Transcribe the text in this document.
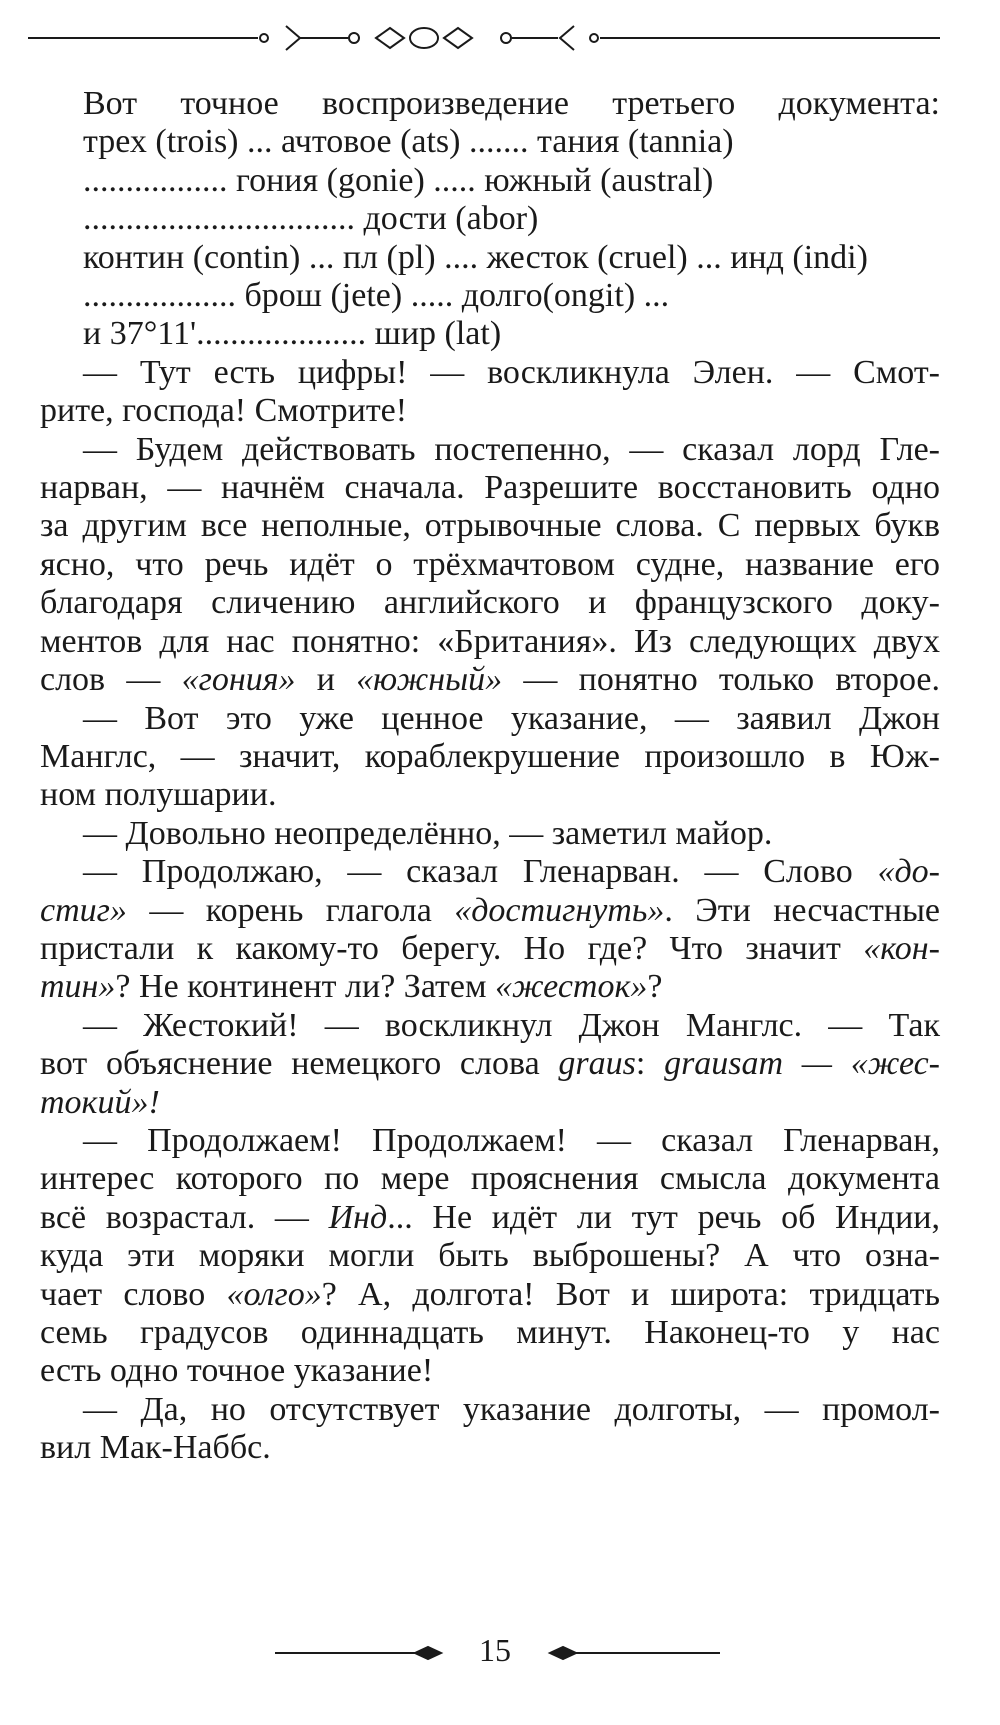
Вот точное воспроизведение третьего документа:

трех (trois) ... ачтовое (ats) ....... тания (tannia)

................. гония (gonie) ..... южный (austral)

................................ дости (abor)

контин (contin) ... пл (pl) .... жесток (cruel) ... инд (indi)

.................. брош (jete) ..... долго(ongit) ...

и 37°11'.................... шир (lat)

— Тут есть цифры! — воскликнула Элен. — Смот-

рите, господа! Смотрите!

— Будем действовать постепенно, — сказал лорд Гле-

нарван, — начнём сначала. Разрешите восстановить одно

за другим все неполные, отрывочные слова. С первых букв

ясно, что речь идёт о трёхмачтовом судне, название его

благодаря сличению английского и французского доку-

ментов для нас понятно: «Британия». Из следующих двух

слов — «гония» и «южный» — понятно только второе.

— Вот это уже ценное указание, — заявил Джон

Манглс, — значит, кораблекрушение произошло в Юж-

ном полушарии.

— Довольно неопределённо, — заметил майор.

— Продолжаю, — сказал Гленарван. — Слово «до-

стиг» — корень глагола «достигнуть». Эти несчастные

пристали к какому-то берегу. Но где? Что значит «кон-

тин»? Не континент ли? Затем «жесток»?

— Жестокий! — воскликнул Джон Манглс. — Так

вот объяснение немецкого слова graus: grausam — «жес-

токий»!

— Продолжаем! Продолжаем! — сказал Гленарван,

интерес которого по мере прояснения смысла документа

всё возрастал. — Инд... Не идёт ли тут речь об Индии,

куда эти моряки могли быть выброшены? А что озна-

чает слово «олго»? А, долгота! Вот и широта: тридцать

семь градусов одиннадцать минут. Наконец-то у нас

есть одно точное указание!

— Да, но отсутствует указание долготы, — промол-

вил Мак-Наббс.

15
